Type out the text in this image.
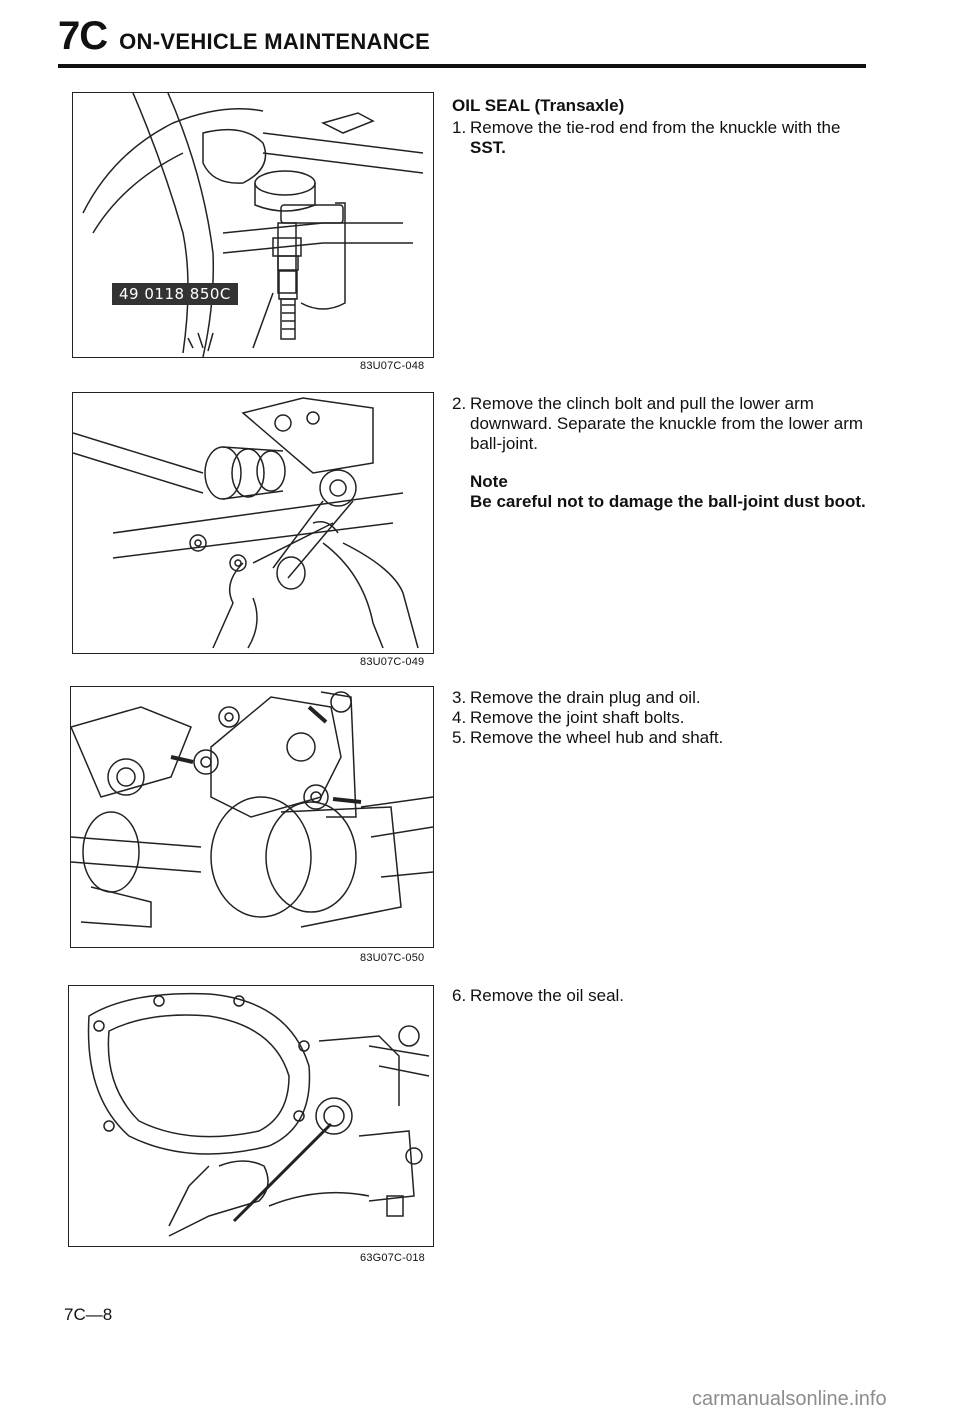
7C ON-VEHICLE MAINTENANCE
49 0118 850C
83U07C-048
83U07C-049
83U07C-050
63G07C-018
OIL SEAL (Transaxle)
1. Remove the tie-rod end from the knuckle with the
SST.
2. Remove the clinch bolt and pull the lower arm downward. Separate the knuckle from the lower arm ball-joint.
Note
Be careful not to damage the ball-joint dust boot.
3. Remove the drain plug and oil.
4. Remove the joint shaft bolts.
5. Remove the wheel hub and shaft.
6. Remove the oil seal.
7C—8
carmanualsonline.info
